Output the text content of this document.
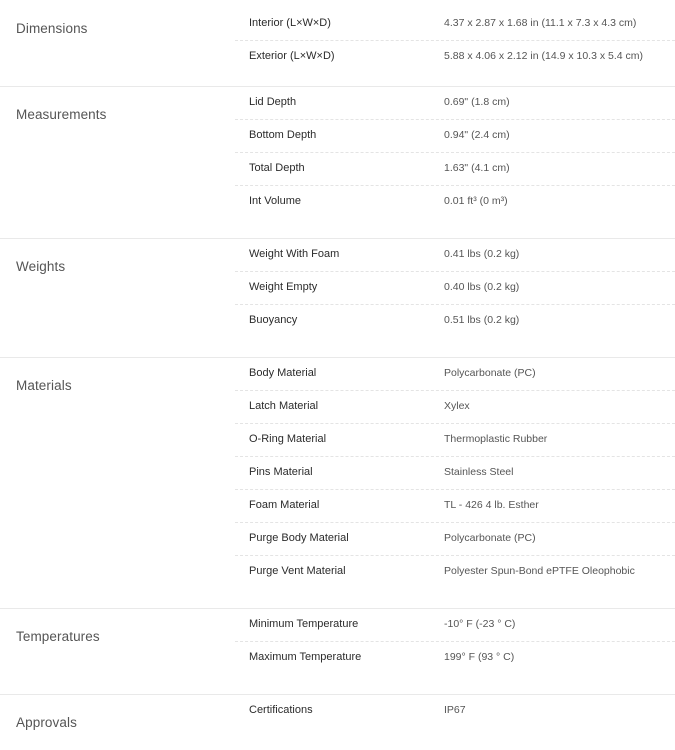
Dimensions	Interior (L×W×D)	4.37 x 2.87 x 1.68 in (11.1 x 7.3 x 4.3 cm)
Exterior (L×W×D)	5.88 x 4.06 x 2.12 in (14.9 x 10.3 x 5.4 cm)
Measurements
Lid Depth	0.69" (1.8 cm)
Bottom Depth	0.94" (2.4 cm)
Total Depth	1.63" (4.1 cm)
Int Volume	0.01 ft³ (0 m³)
Weights
Weight With Foam	0.41 lbs (0.2 kg)
Weight Empty	0.40 lbs (0.2 kg)
Buoyancy	0.51 lbs (0.2 kg)
Materials
Body Material	Polycarbonate (PC)
Latch Material	Xylex
O-Ring Material	Thermoplastic Rubber
Pins Material	Stainless Steel
Foam Material	TL - 426 4 lb. Esther
Purge Body Material	Polycarbonate (PC)
Purge Vent Material	Polyester Spun-Bond ePTFE Oleophobic
Temperatures
Minimum Temperature	-10° F (-23 ° C)
Maximum Temperature	199° F (93 ° C)
Approvals
Certifications	IP67
